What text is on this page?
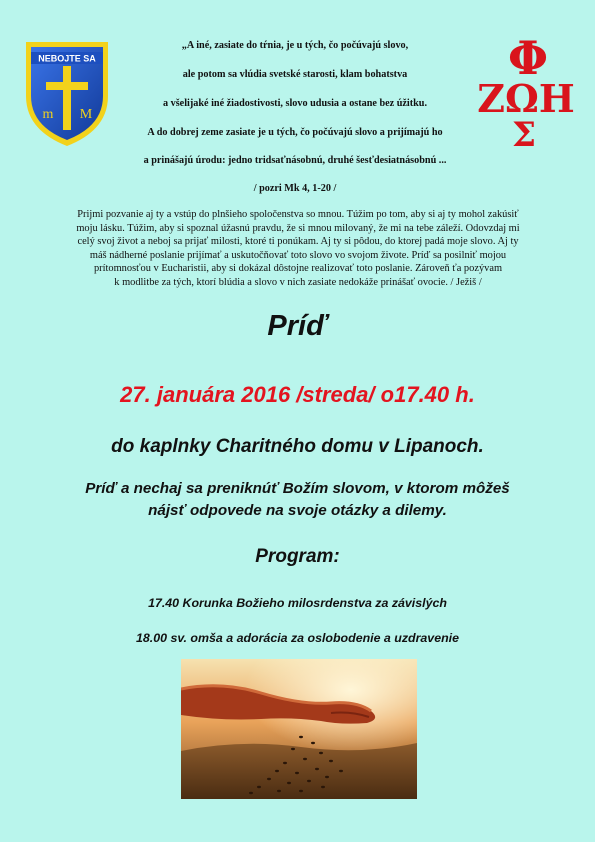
NEBOJTE SA
m M
Φ
ZΩH
Σ
„A iné, zasiate do tŕnia, je u tých, čo počúvajú slovo,
ale potom sa vlúdia svetské starosti, klam bohatstva
a všelijaké iné žiadostivosti, slovo udusia a ostane bez úžitku.
A do dobrej zeme zasiate je u tých, čo počúvajú slovo a prijímajú ho
a prinášajú úrodu: jedno tridsaťnásobnú, druhé šesťdesiatnásobnú ...
/ pozri Mk 4, 1-20 /
Prijmi pozvanie aj ty a vstúp do plnšieho spoločenstva so mnou. Túžim po tom, aby si aj ty mohol zakúsiť
moju lásku. Túžim, aby si spoznal úžasnú pravdu, že si mnou milovaný, že mi na tebe záleží. Odovzdaj mi
celý svoj život a neboj sa prijať milosti, ktoré ti ponúkam. Aj ty si pôdou, do ktorej padá moje slovo. Aj ty
máš nádherné poslanie prijímať a uskutočňovať toto slovo vo svojom živote. Príď sa posilniť mojou
prítomnosťou v Eucharistii, aby si dokázal dôstojne realizovať toto poslanie. Zároveň ťa pozývam
k modlitbe za tých, ktorí blúdia a slovo v nich zasiate nedokáže prinášať ovocie. / Ježiš /
Príď
27. januára 2016 /streda/ o17.40 h.
do kaplnky Charitného domu v Lipanoch.
Príď a nechaj sa preniknúť Božím slovom, v ktorom môžeš
nájsť odpovede na svoje otázky a dilemy.
Program:
17.40 Korunka Božieho milosrdenstva za závislých
18.00 sv. omša a adorácia za oslobodenie a uzdravenie
